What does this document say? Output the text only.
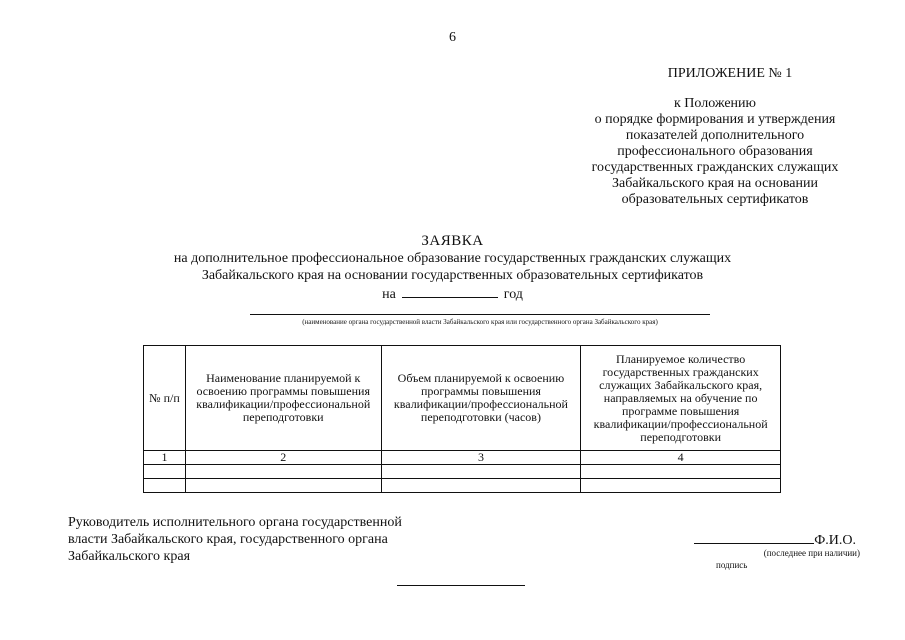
6
ПРИЛОЖЕНИЕ № 1
к Положению
о порядке формирования и утверждения
показателей дополнительного
профессионального образования
государственных гражданских служащих
Забайкальского края на основании
образовательных сертификатов
ЗАЯВКА
на дополнительное профессиональное образование государственных гражданских служащих
Забайкальского края на основании государственных образовательных сертификатов
на	год
(наименование органа государственной власти Забайкальского края или государственного органа Забайкальского края)
№ п/п	Наименование планируемой к освоению программы повышения квалификации/профессиональной переподготовки	Объем планируемой к освоению программы повышения квалификации/профессиональной переподготовки (часов)	Планируемое количество государственных гражданских служащих Забайкальского края, направляемых на обучение по программе повышения квалификации/профессиональной переподготовки
1	2	3	4

Руководитель исполнительного органа государственной
власти Забайкальского края, государственного органа
Забайкальского края
Ф.И.О.
(последнее при наличии)
подпись
